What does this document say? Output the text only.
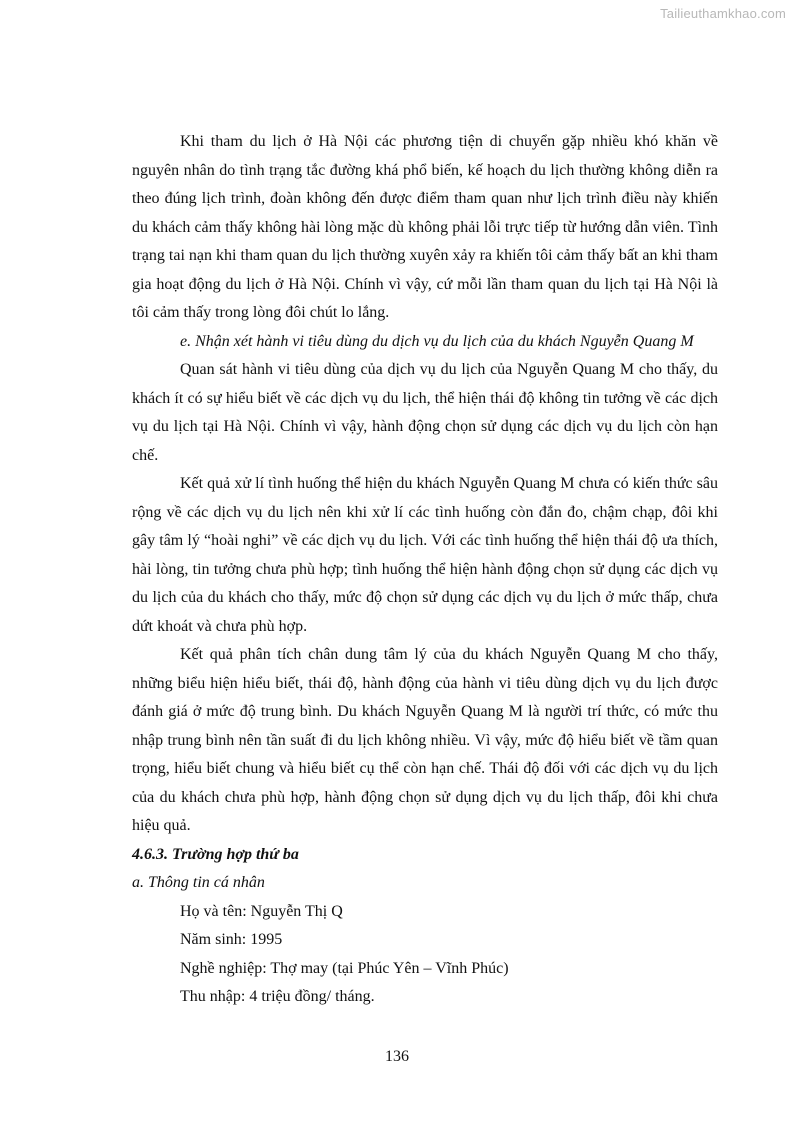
Tailieuthamkhao.com

Khi tham du lịch ở Hà Nội các phương tiện di chuyển gặp nhiều khó khăn về nguyên nhân do tình trạng tắc đường khá phổ biến, kế hoạch du lịch thường không diễn ra theo đúng lịch trình, đoàn không đến được điểm tham quan như lịch trình điều này khiến du khách cảm thấy không hài lòng mặc dù không phải lỗi trực tiếp từ hướng dẫn viên. Tình trạng tai nạn khi tham quan du lịch thường xuyên xảy ra khiến tôi cảm thấy bất an khi tham gia hoạt động du lịch ở Hà Nội. Chính vì vậy, cứ mỗi lần tham quan du lịch tại Hà Nội là tôi cảm thấy trong lòng đôi chút lo lắng.

e. Nhận xét hành vi tiêu dùng du dịch vụ du lịch của du khách Nguyễn Quang M

Quan sát hành vi tiêu dùng của dịch vụ du lịch của Nguyễn Quang M cho thấy, du khách ít có sự hiểu biết về các dịch vụ du lịch, thể hiện thái độ không tin tưởng về các dịch vụ du lịch tại Hà Nội. Chính vì vậy, hành động chọn sử dụng các dịch vụ du lịch còn hạn chế.

Kết quả xử lí tình huống thể hiện du khách Nguyễn Quang M chưa có kiến thức sâu rộng về các dịch vụ du lịch nên khi xử lí các tình huống còn đắn đo, chậm chạp, đôi khi gây tâm lý “hoài nghi” về các dịch vụ du lịch. Với các tình huống thể hiện thái độ ưa thích, hài lòng, tin tưởng chưa phù hợp; tình huống thể hiện hành động chọn sử dụng các dịch vụ du lịch của du khách cho thấy, mức độ chọn sử dụng các dịch vụ du lịch ở mức thấp, chưa dứt khoát và chưa phù hợp.

Kết quả phân tích chân dung tâm lý của du khách Nguyễn Quang M cho thấy, những biểu hiện hiểu biết, thái độ, hành động của hành vi tiêu dùng dịch vụ du lịch được đánh giá ở mức độ trung bình. Du khách Nguyễn Quang M là người trí thức, có mức thu nhập trung bình nên tần suất đi du lịch không nhiều. Vì vậy, mức độ hiểu biết về tầm quan trọng, hiểu biết chung và hiểu biết cụ thể còn hạn chế. Thái độ đối với các dịch vụ du lịch của du khách chưa phù hợp, hành động chọn sử dụng dịch vụ du lịch thấp, đôi khi chưa hiệu quả.

4.6.3. Trường hợp thứ ba

a. Thông tin cá nhân

Họ và tên: Nguyễn Thị Q

Năm sinh: 1995

Nghề nghiệp: Thợ may (tại Phúc Yên – Vĩnh Phúc)

Thu nhập: 4 triệu đồng/ tháng.

136
